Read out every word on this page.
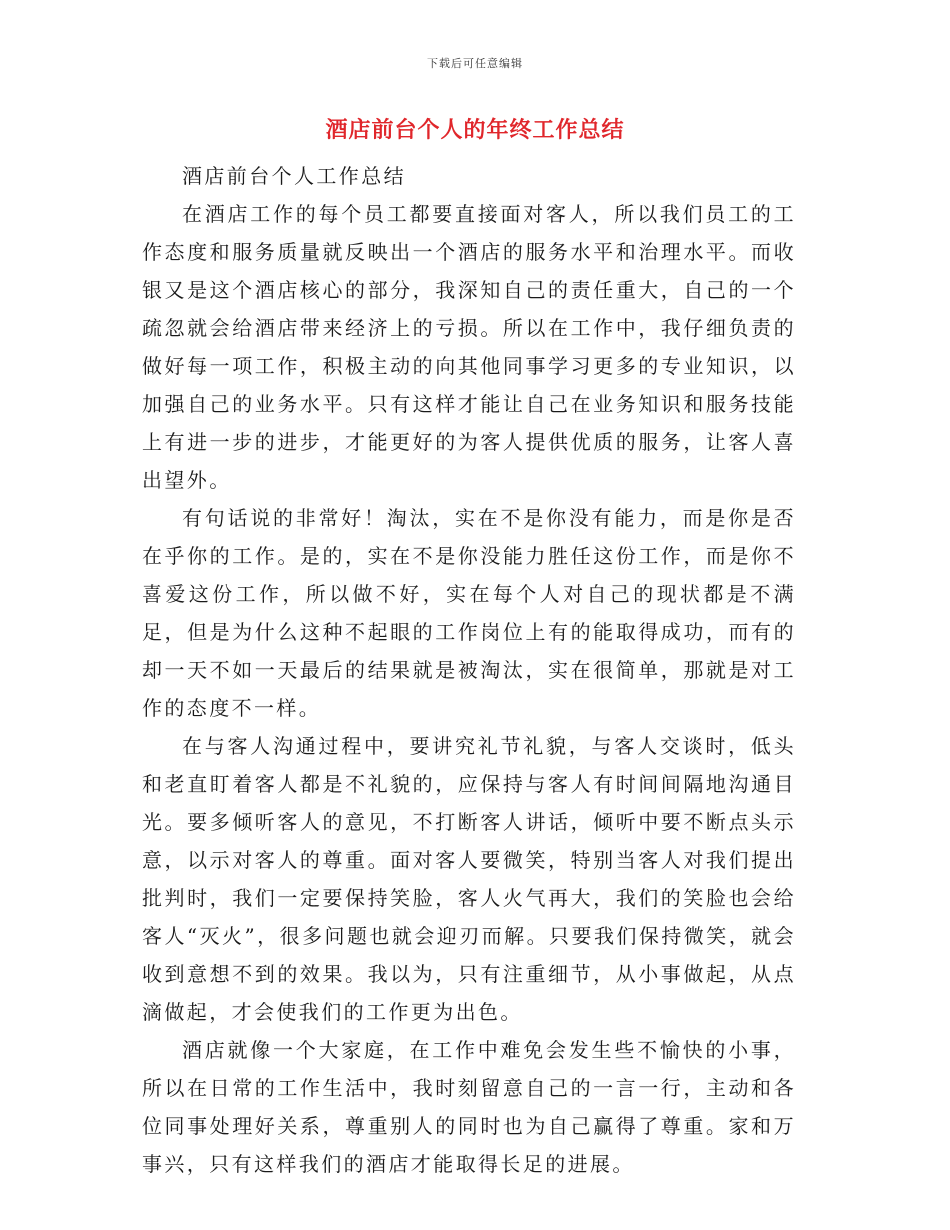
下载后可任意编辑
酒店前台个人的年终工作总结

酒店前台个人工作总结

在酒店工作的每个员工都要直接面对客人，所以我们员工的工作态度和服务质量就反映出一个酒店的服务水平和治理水平。而收银又是这个酒店核心的部分，我深知自己的责任重大，自己的一个疏忽就会给酒店带来经济上的亏损。所以在工作中，我仔细负责的做好每一项工作，积极主动的向其他同事学习更多的专业知识，以加强自己的业务水平。只有这样才能让自己在业务知识和服务技能上有进一步的进步，才能更好的为客人提供优质的服务，让客人喜出望外。

有句话说的非常好！淘汰，实在不是你没有能力，而是你是否在乎你的工作。是的，实在不是你没能力胜任这份工作，而是你不喜爱这份工作，所以做不好，实在每个人对自己的现状都是不满足，但是为什么这种不起眼的工作岗位上有的能取得成功，而有的却一天不如一天最后的结果就是被淘汰，实在很简单，那就是对工作的态度不一样。

在与客人沟通过程中，要讲究礼节礼貌，与客人交谈时，低头和老直盯着客人都是不礼貌的，应保持与客人有时间间隔地沟通目光。要多倾听客人的意见，不打断客人讲话，倾听中要不断点头示意，以示对客人的尊重。面对客人要微笑，特别当客人对我们提出批判时，我们一定要保持笑脸，客人火气再大，我们的笑脸也会给客人“灭火”，很多问题也就会迎刃而解。只要我们保持微笑，就会收到意想不到的效果。我以为，只有注重细节，从小事做起，从点滴做起，才会使我们的工作更为出色。

酒店就像一个大家庭，在工作中难免会发生些不愉快的小事，所以在日常的工作生活中，我时刻留意自己的一言一行，主动和各位同事处理好关系，尊重别人的同时也为自己赢得了尊重。家和万事兴，只有这样我们的酒店才能取得长足的进展。
